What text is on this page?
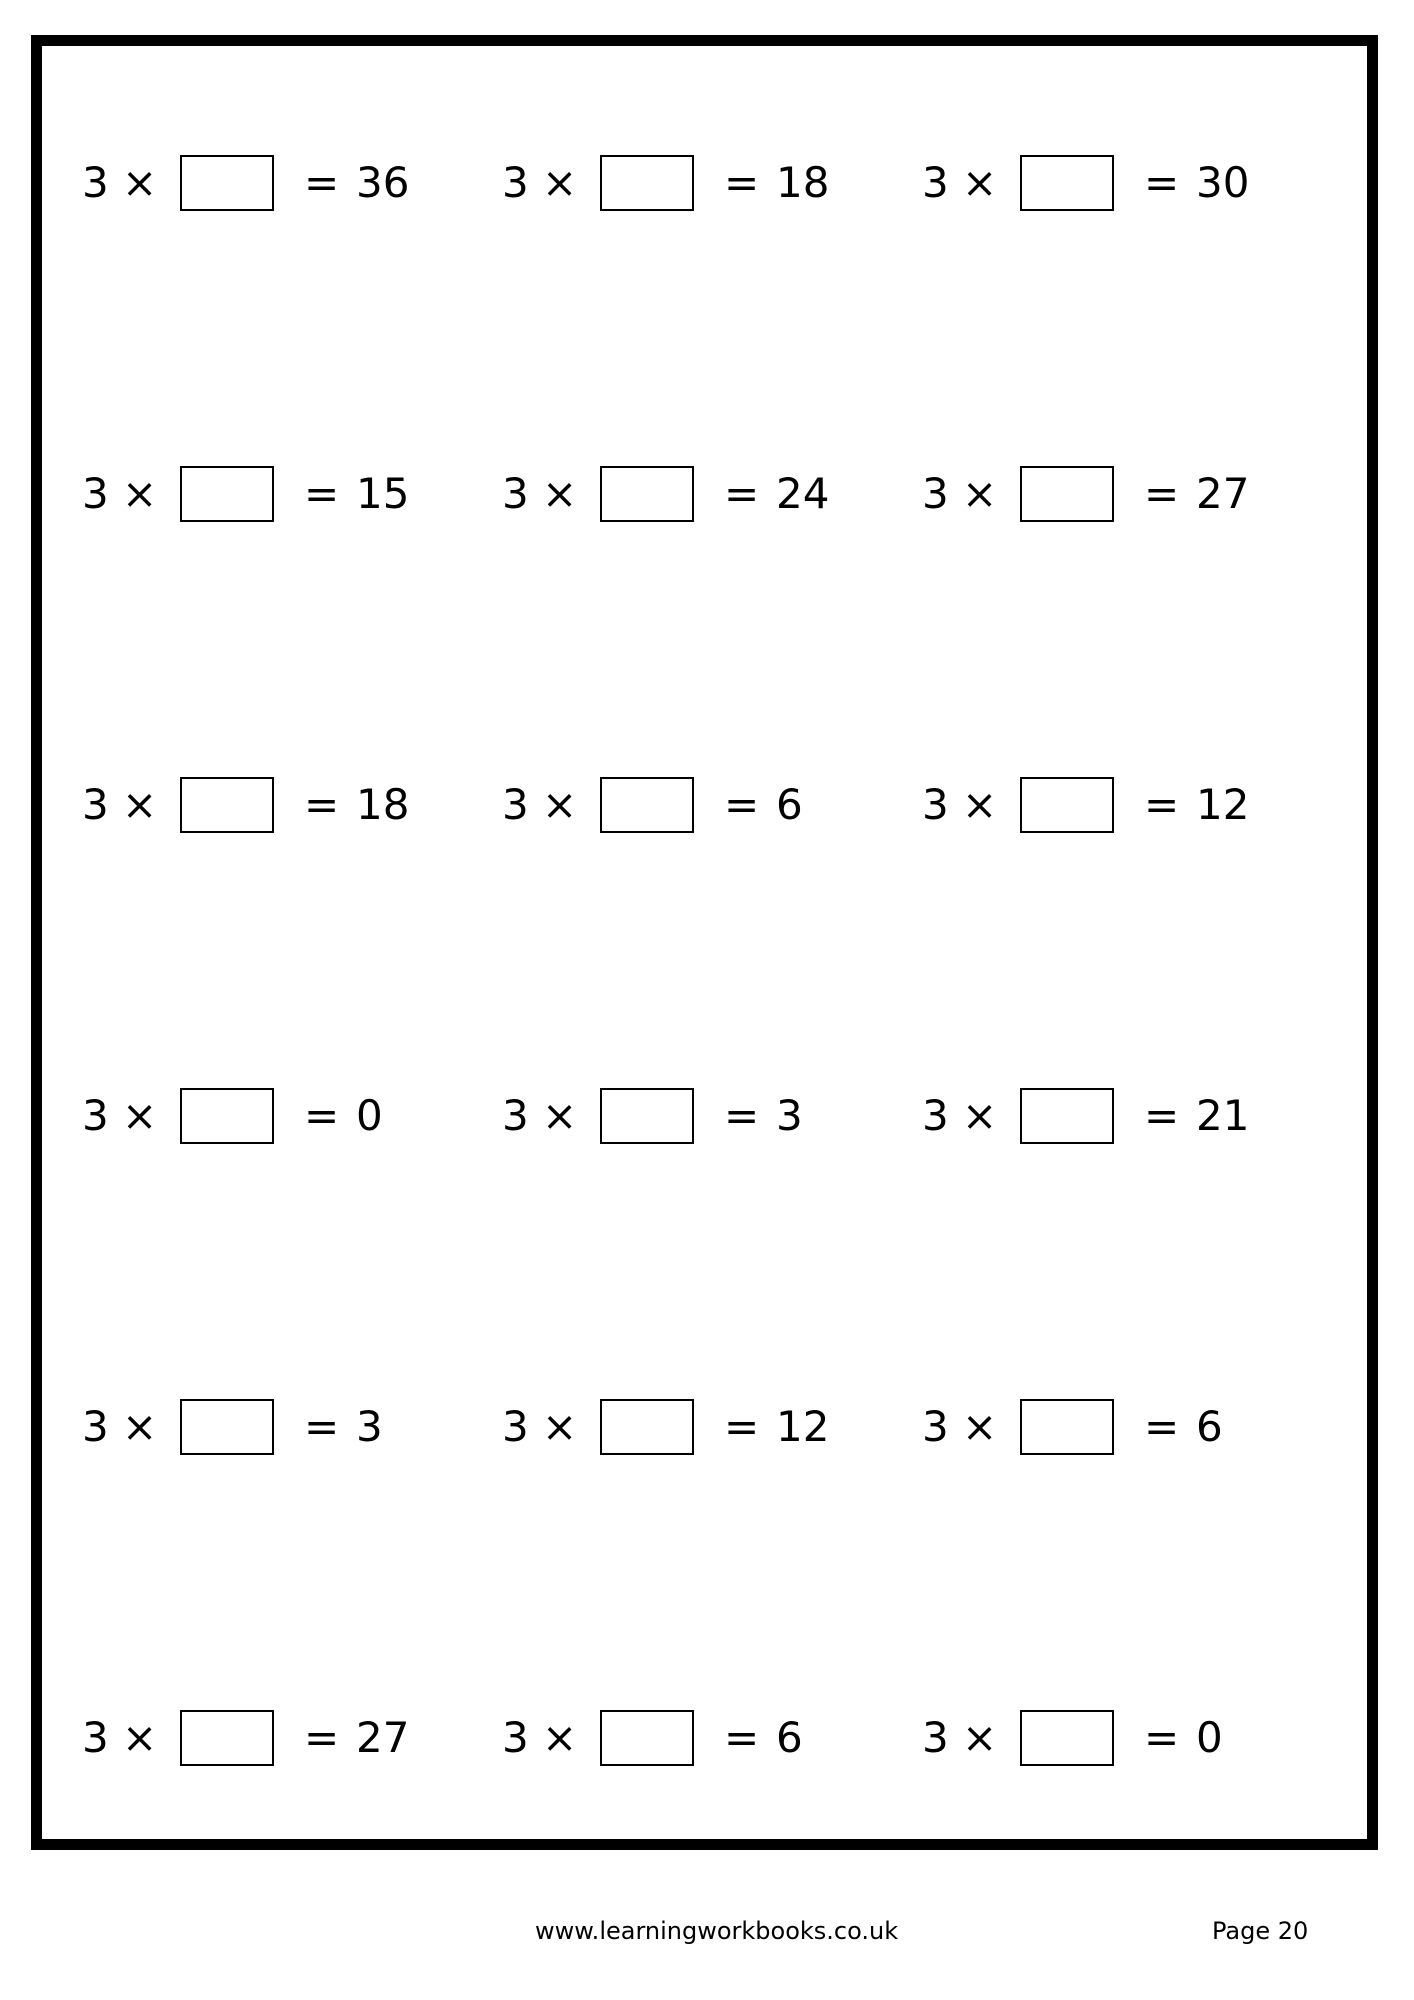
3 ×	= 36	3 ×	= 18	3 ×	= 30
3 ×	= 15	3 ×	= 24	3 ×	= 27
3 ×	= 18	3 ×	= 6	3 ×	= 12
3 ×	= 0	3 ×	= 3	3 ×	= 21
3 ×	= 3	3 ×	= 12	3 ×	= 6
3 ×	= 27	3 ×	= 6	3 ×	= 0
www.learningworkbooks.co.uk	Page 20
